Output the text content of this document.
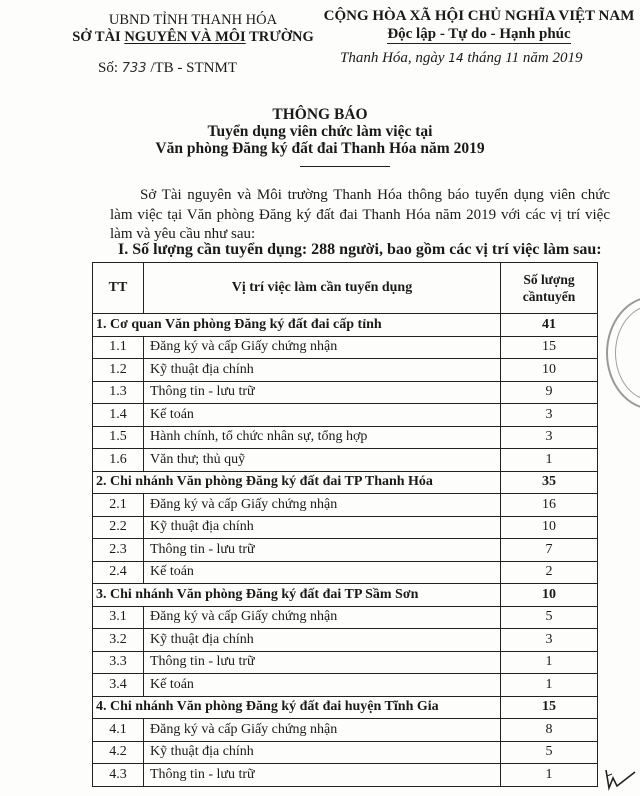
UBND TỈNH THANH HÓA
SỞ TÀI NGUYÊN VÀ MÔI TRƯỜNG
Số: 733 /TB - STNMT
CỘNG HÒA XÃ HỘI CHỦ NGHĨA VIỆT NAM
Độc lập - Tự do - Hạnh phúc
Thanh Hóa, ngày 14 tháng 11 năm 2019
THÔNG BÁO
Tuyển dụng viên chức làm việc tại
Văn phòng Đăng ký đất đai Thanh Hóa năm 2019
Sở Tài nguyên và Môi trường Thanh Hóa thông báo tuyển dụng viên chức làm việc tại Văn phòng Đăng ký đất đai Thanh Hóa năm 2019 với các vị trí việc làm và yêu cầu như sau:
I. Số lượng cần tuyển dụng: 288 người, bao gồm các vị trí việc làm sau:
TT	Vị trí việc làm cần tuyển dụng	Số lượng
cầntuyển

1. Cơ quan Văn phòng Đăng ký đất đai cấp tỉnh		41
1.1	Đăng ký và cấp Giấy chứng nhận	15
1.2	Kỹ thuật địa chính	10
1.3	Thông tin - lưu trữ	9
1.4	Kế toán	3
1.5	Hành chính, tổ chức nhân sự, tổng hợp	3
1.6	Văn thư; thủ quỹ	1
2. Chi nhánh Văn phòng Đăng ký đất đai TP Thanh Hóa		35
2.1	Đăng ký và cấp Giấy chứng nhận	16
2.2	Kỹ thuật địa chính	10
2.3	Thông tin - lưu trữ	7
2.4	Kế toán	2
3. Chi nhánh Văn phòng Đăng ký đất đai TP Sầm Sơn		10
3.1	Đăng ký và cấp Giấy chứng nhận	5
3.2	Kỹ thuật địa chính	3
3.3	Thông tin - lưu trữ	1
3.4	Kế toán	1
4. Chi nhánh Văn phòng Đăng ký đất đai huyện Tĩnh Gia		15
4.1	Đăng ký và cấp Giấy chứng nhận	8
4.2	Kỹ thuật địa chính	5
4.3	Thông tin - lưu trữ	1
